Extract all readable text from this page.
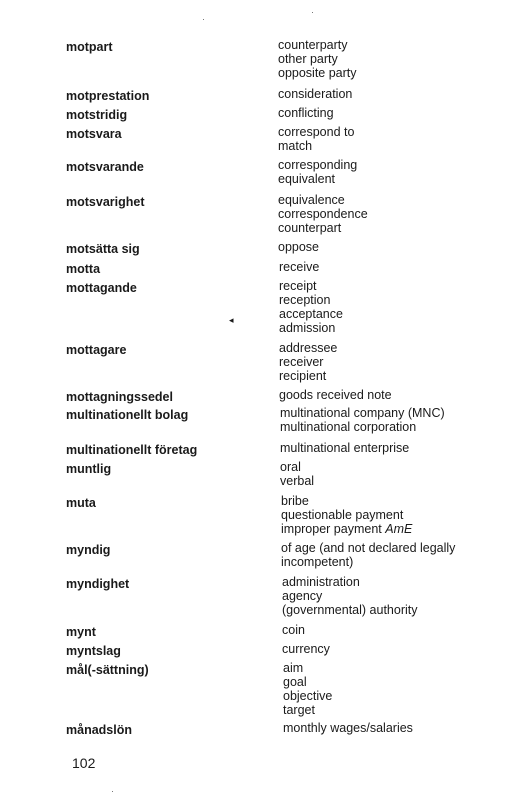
motpart	counterparty
other party
opposite party
motprestation	consideration
motstridig	conflicting
motsvara	correspond to
match
motsvarande	corresponding
equivalent
motsvarighet	equivalence
correspondence
counterpart
motsätta sig	oppose
motta	receive
mottagande	receipt
reception
acceptance
admission
mottagare	addressee
receiver
recipient
mottagningssedel	goods received note
multinationellt bolag	multinational company (MNC)
multinational corporation
multinationellt företag	multinational enterprise
muntlig	oral
verbal
muta	bribe
questionable payment
improper payment AmE
myndig	of age (and not declared legally
incompetent)
myndighet	administration
agency
(governmental) authority
mynt	coin
myntslag	currency
mål(-sättning)	aim
goal
objective
target
månadslön	monthly wages/salaries
◂
102
